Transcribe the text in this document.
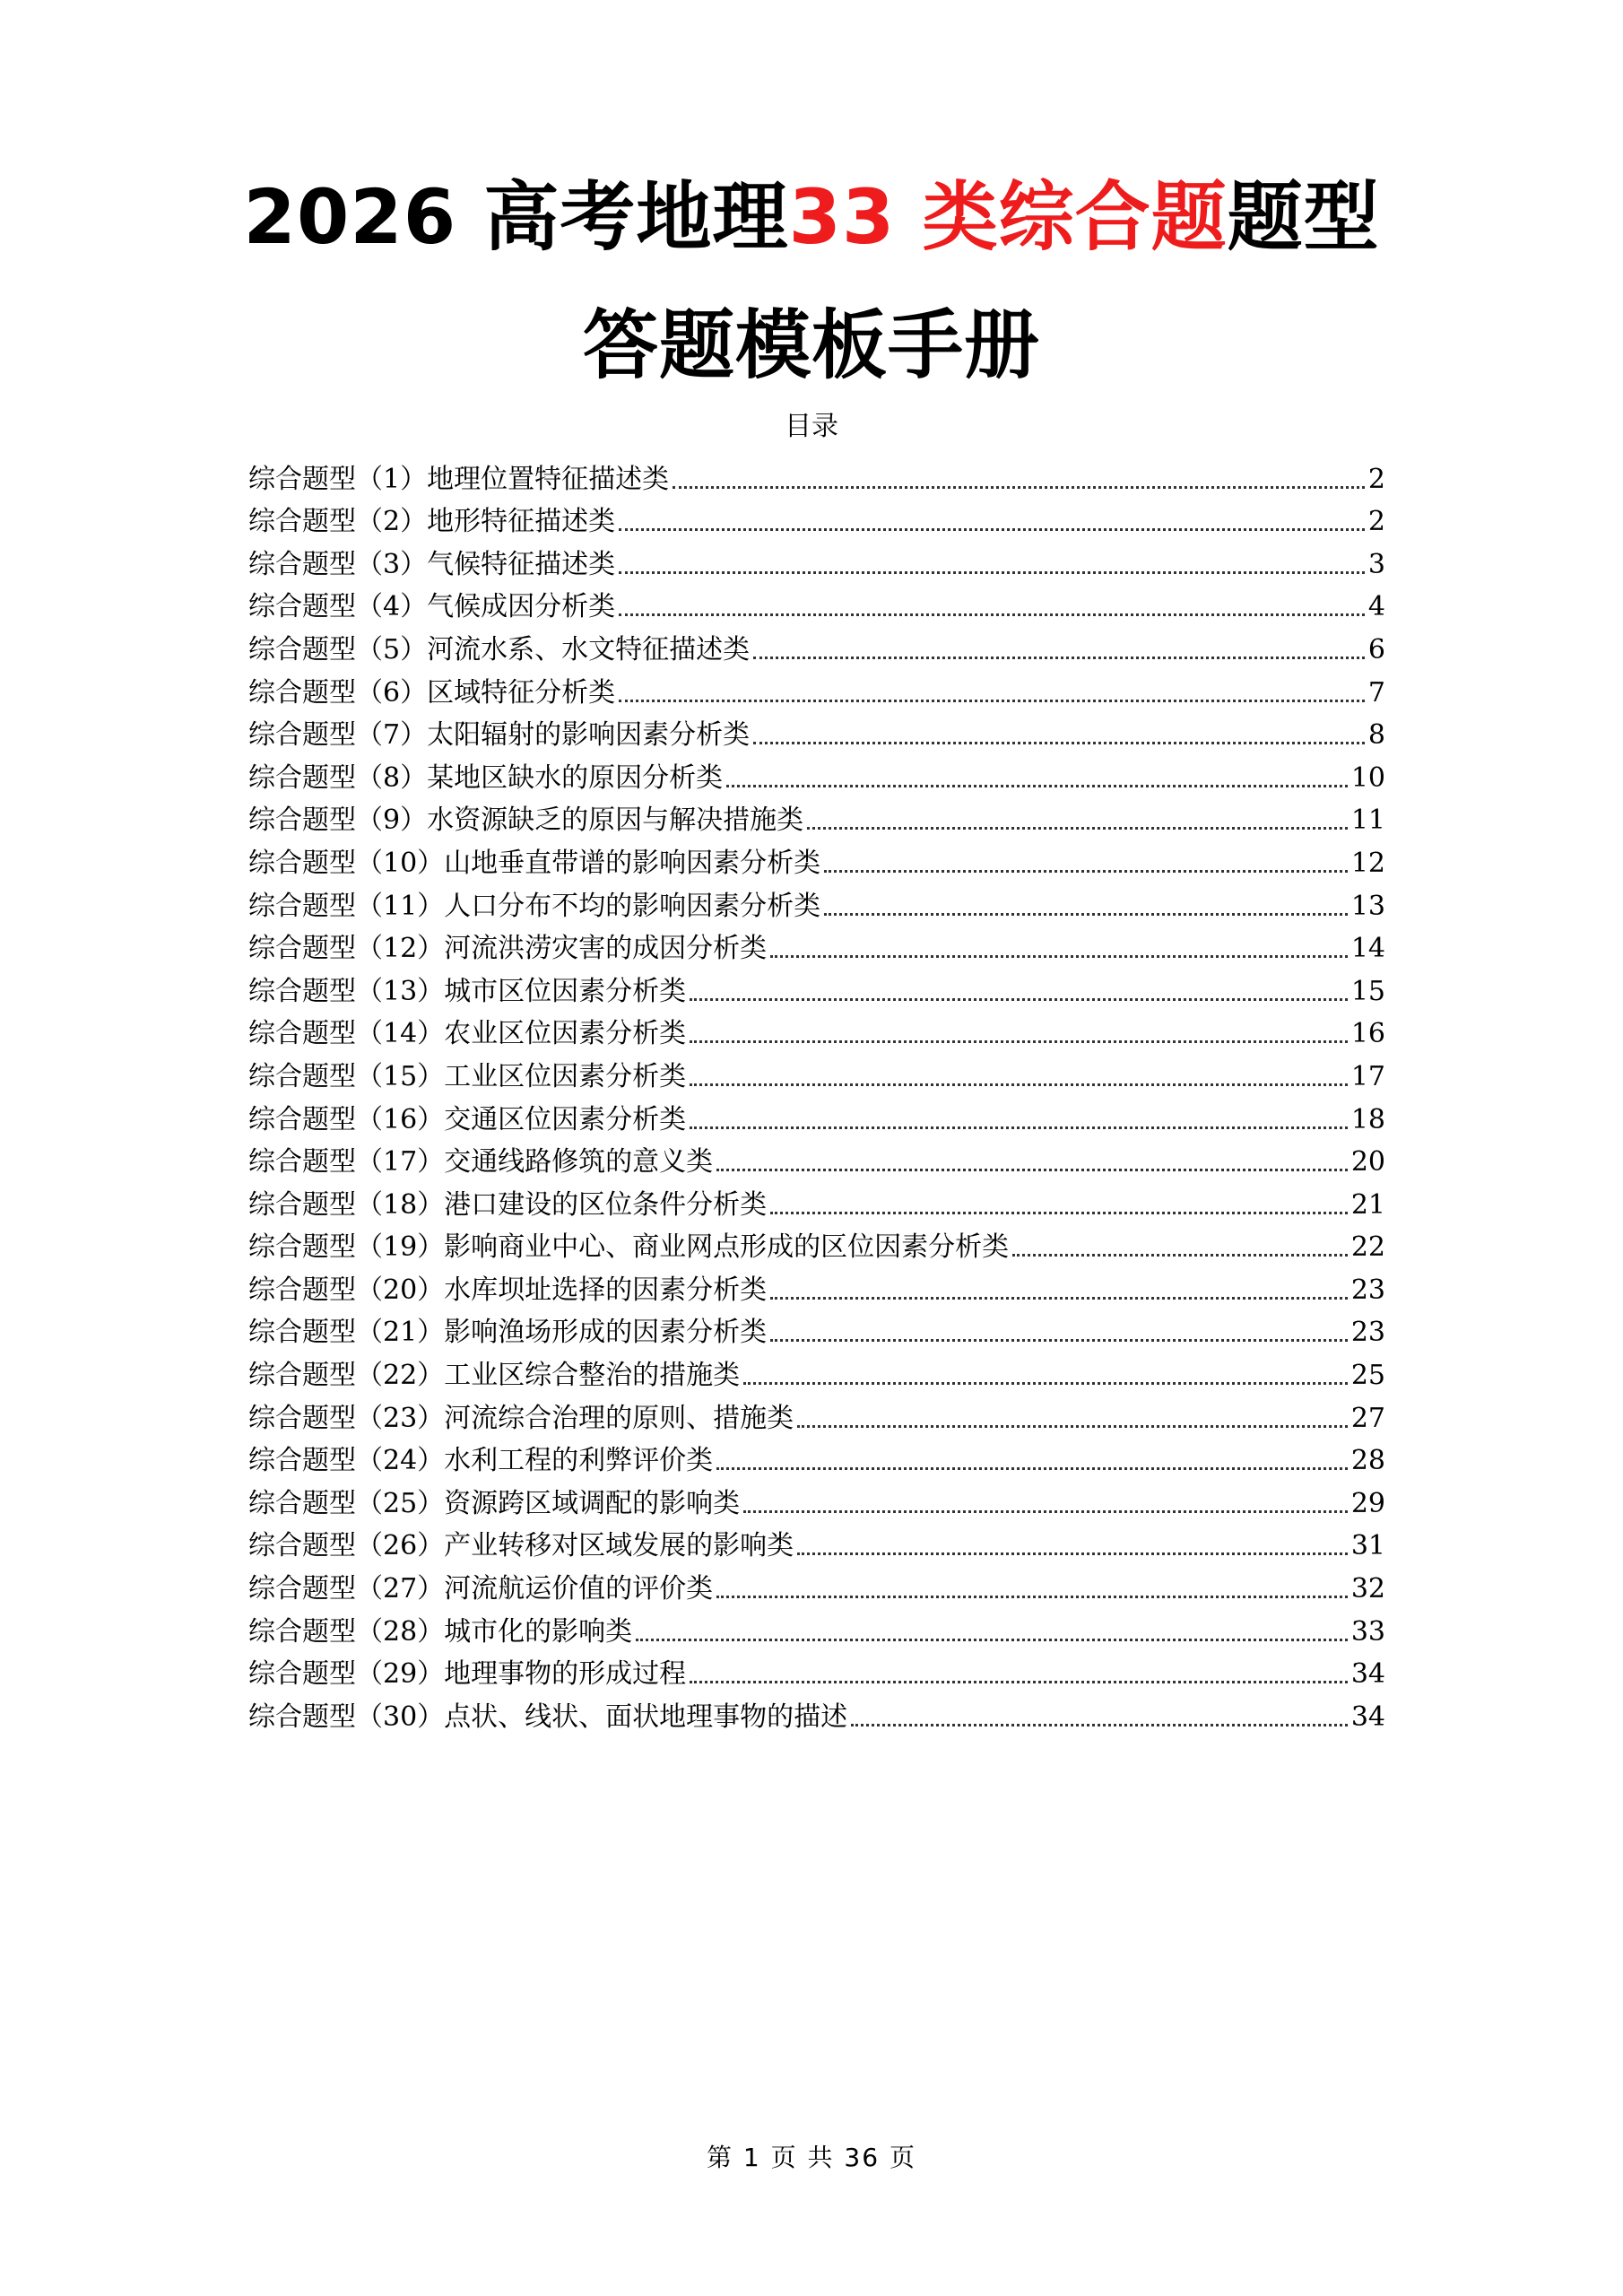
2026 高考地理33 类综合题题型
答题模板手册
目录
综合题型（1）地理位置特征描述类	2
综合题型（2）地形特征描述类	2
综合题型（3）气候特征描述类	3
综合题型（4）气候成因分析类	4
综合题型（5）河流水系、水文特征描述类	6
综合题型（6）区域特征分析类	7
综合题型（7）太阳辐射的影响因素分析类	8
综合题型（8）某地区缺水的原因分析类	10
综合题型（9）水资源缺乏的原因与解决措施类	11
综合题型（10）山地垂直带谱的影响因素分析类	12
综合题型（11）人口分布不均的影响因素分析类	13
综合题型（12）河流洪涝灾害的成因分析类	14
综合题型（13）城市区位因素分析类	15
综合题型（14）农业区位因素分析类	16
综合题型（15）工业区位因素分析类	17
综合题型（16）交通区位因素分析类	18
综合题型（17）交通线路修筑的意义类	20
综合题型（18）港口建设的区位条件分析类	21
综合题型（19）影响商业中心、商业网点形成的区位因素分析类	22
综合题型（20）水库坝址选择的因素分析类	23
综合题型（21）影响渔场形成的因素分析类	23
综合题型（22）工业区综合整治的措施类	25
综合题型（23）河流综合治理的原则、措施类	27
综合题型（24）水利工程的利弊评价类	28
综合题型（25）资源跨区域调配的影响类	29
综合题型（26）产业转移对区域发展的影响类	31
综合题型（27）河流航运价值的评价类	32
综合题型（28）城市化的影响类	33
综合题型（29）地理事物的形成过程	34
综合题型（30）点状、线状、面状地理事物的描述	34
第 1 页 共 36 页
